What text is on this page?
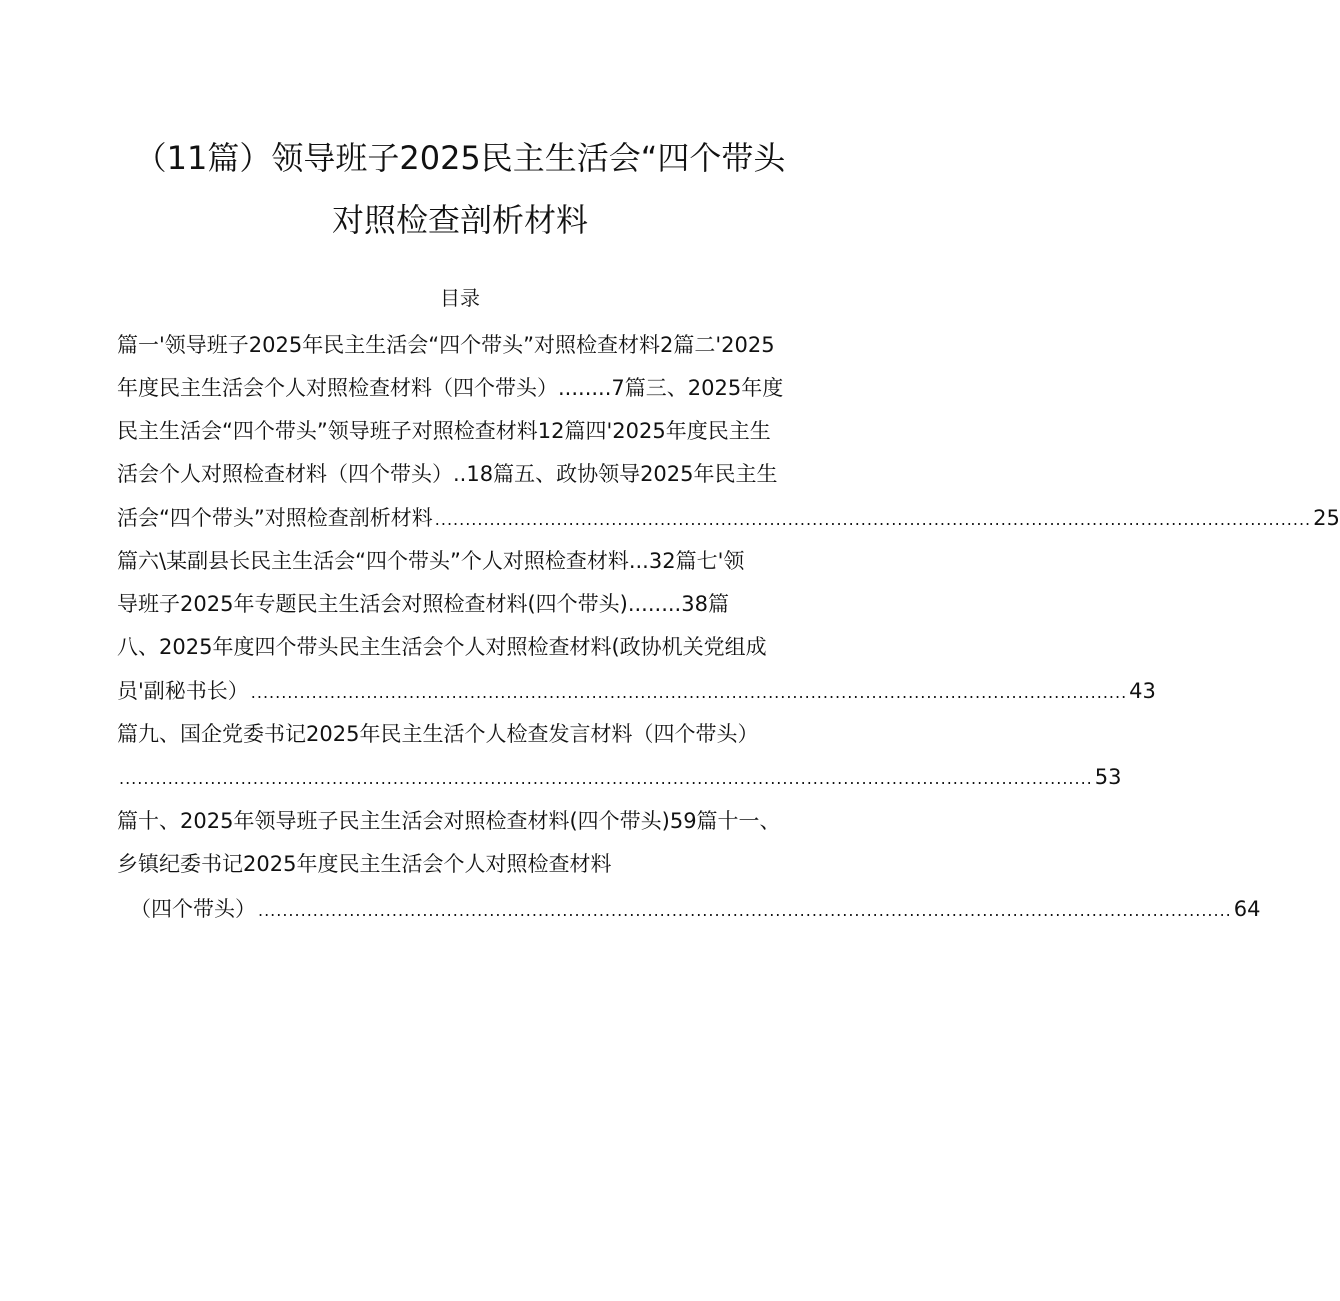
（11篇）领导班子2025民主生活会“四个带头
对照检查剖析材料
目录
篇一'领导班子2025年民主生活会“四个带头”对照检查材料2篇二'2025
年度民主生活会个人对照检查材料（四个带头）........7篇三、2025年度
民主生活会“四个带头”领导班子对照检查材料12篇四'2025年度民主生
活会个人对照检查材料（四个带头）..18篇五、政协领导2025年民主生
活会“四个带头”对照检查剖析材料 ................................................................................................................................................ 25
篇六\某副县长民主生活会“四个带头”个人对照检查材料...32篇七'领
导班子2025年专题民主生活会对照检查材料(四个带头)........38篇
八、2025年度四个带头民主生活会个人对照检查材料(政协机关党组成
员'副秘书长） ................................................................................................................................................ 43
篇九、国企党委书记2025年民主生活个人检查发言材料（四个带头）
................................................................................................................................................................ 53
篇十、2025年领导班子民主生活会对照检查材料(四个带头)59篇十一、
乡镇纪委书记2025年度民主生活会个人对照检查材料
（四个带头） ................................................................................................................................................................ 64
